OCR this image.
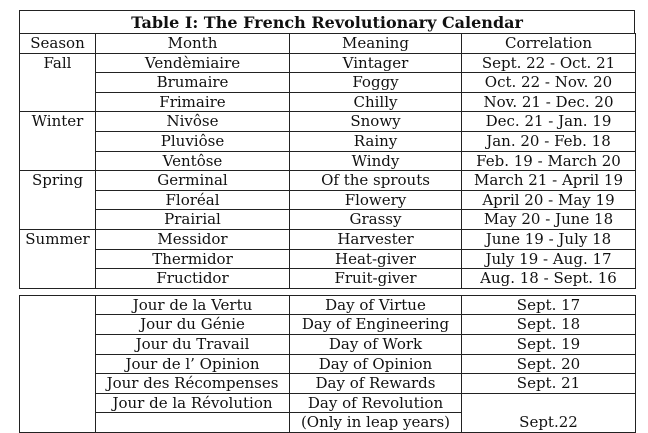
Table I: The French Revolutionary Calendar
Season	Month	Meaning	Correlation
Fall	Vendèmiaire	Vintager	Sept. 22 - Oct. 21
	Brumaire	Foggy	Oct. 22 - Nov. 20
	Frimaire	Chilly	Nov. 21 - Dec. 20
Winter	Nivôse	Snowy	Dec. 21 - Jan. 19
	Pluviôse	Rainy	Jan. 20 - Feb. 18
	Ventôse	Windy	Feb. 19 - March 20
Spring	Germinal	Of the sprouts	March 21 - April 19
	Floréal	Flowery	April 20 - May 19
	Prairial	Grassy	May 20 - June 18
Summer	Messidor	Harvester	June 19 - July 18
	Thermidor	Heat-giver	July 19 - Aug. 17
	Fructidor	Fruit-giver	Aug. 18 - Sept. 16
	Jour de la Vertu	Day of Virtue	Sept. 17
	Jour du Génie	Day of Engineering	Sept. 18
	Jour du Travail	Day of Work	Sept. 19
	Jour de l’ Opinion	Day of Opinion	Sept. 20
	Jour des Récompenses	Day of Rewards	Sept. 21
	Jour de la Révolution	Day of Revolution	
		(Only in leap years)	Sept.22
